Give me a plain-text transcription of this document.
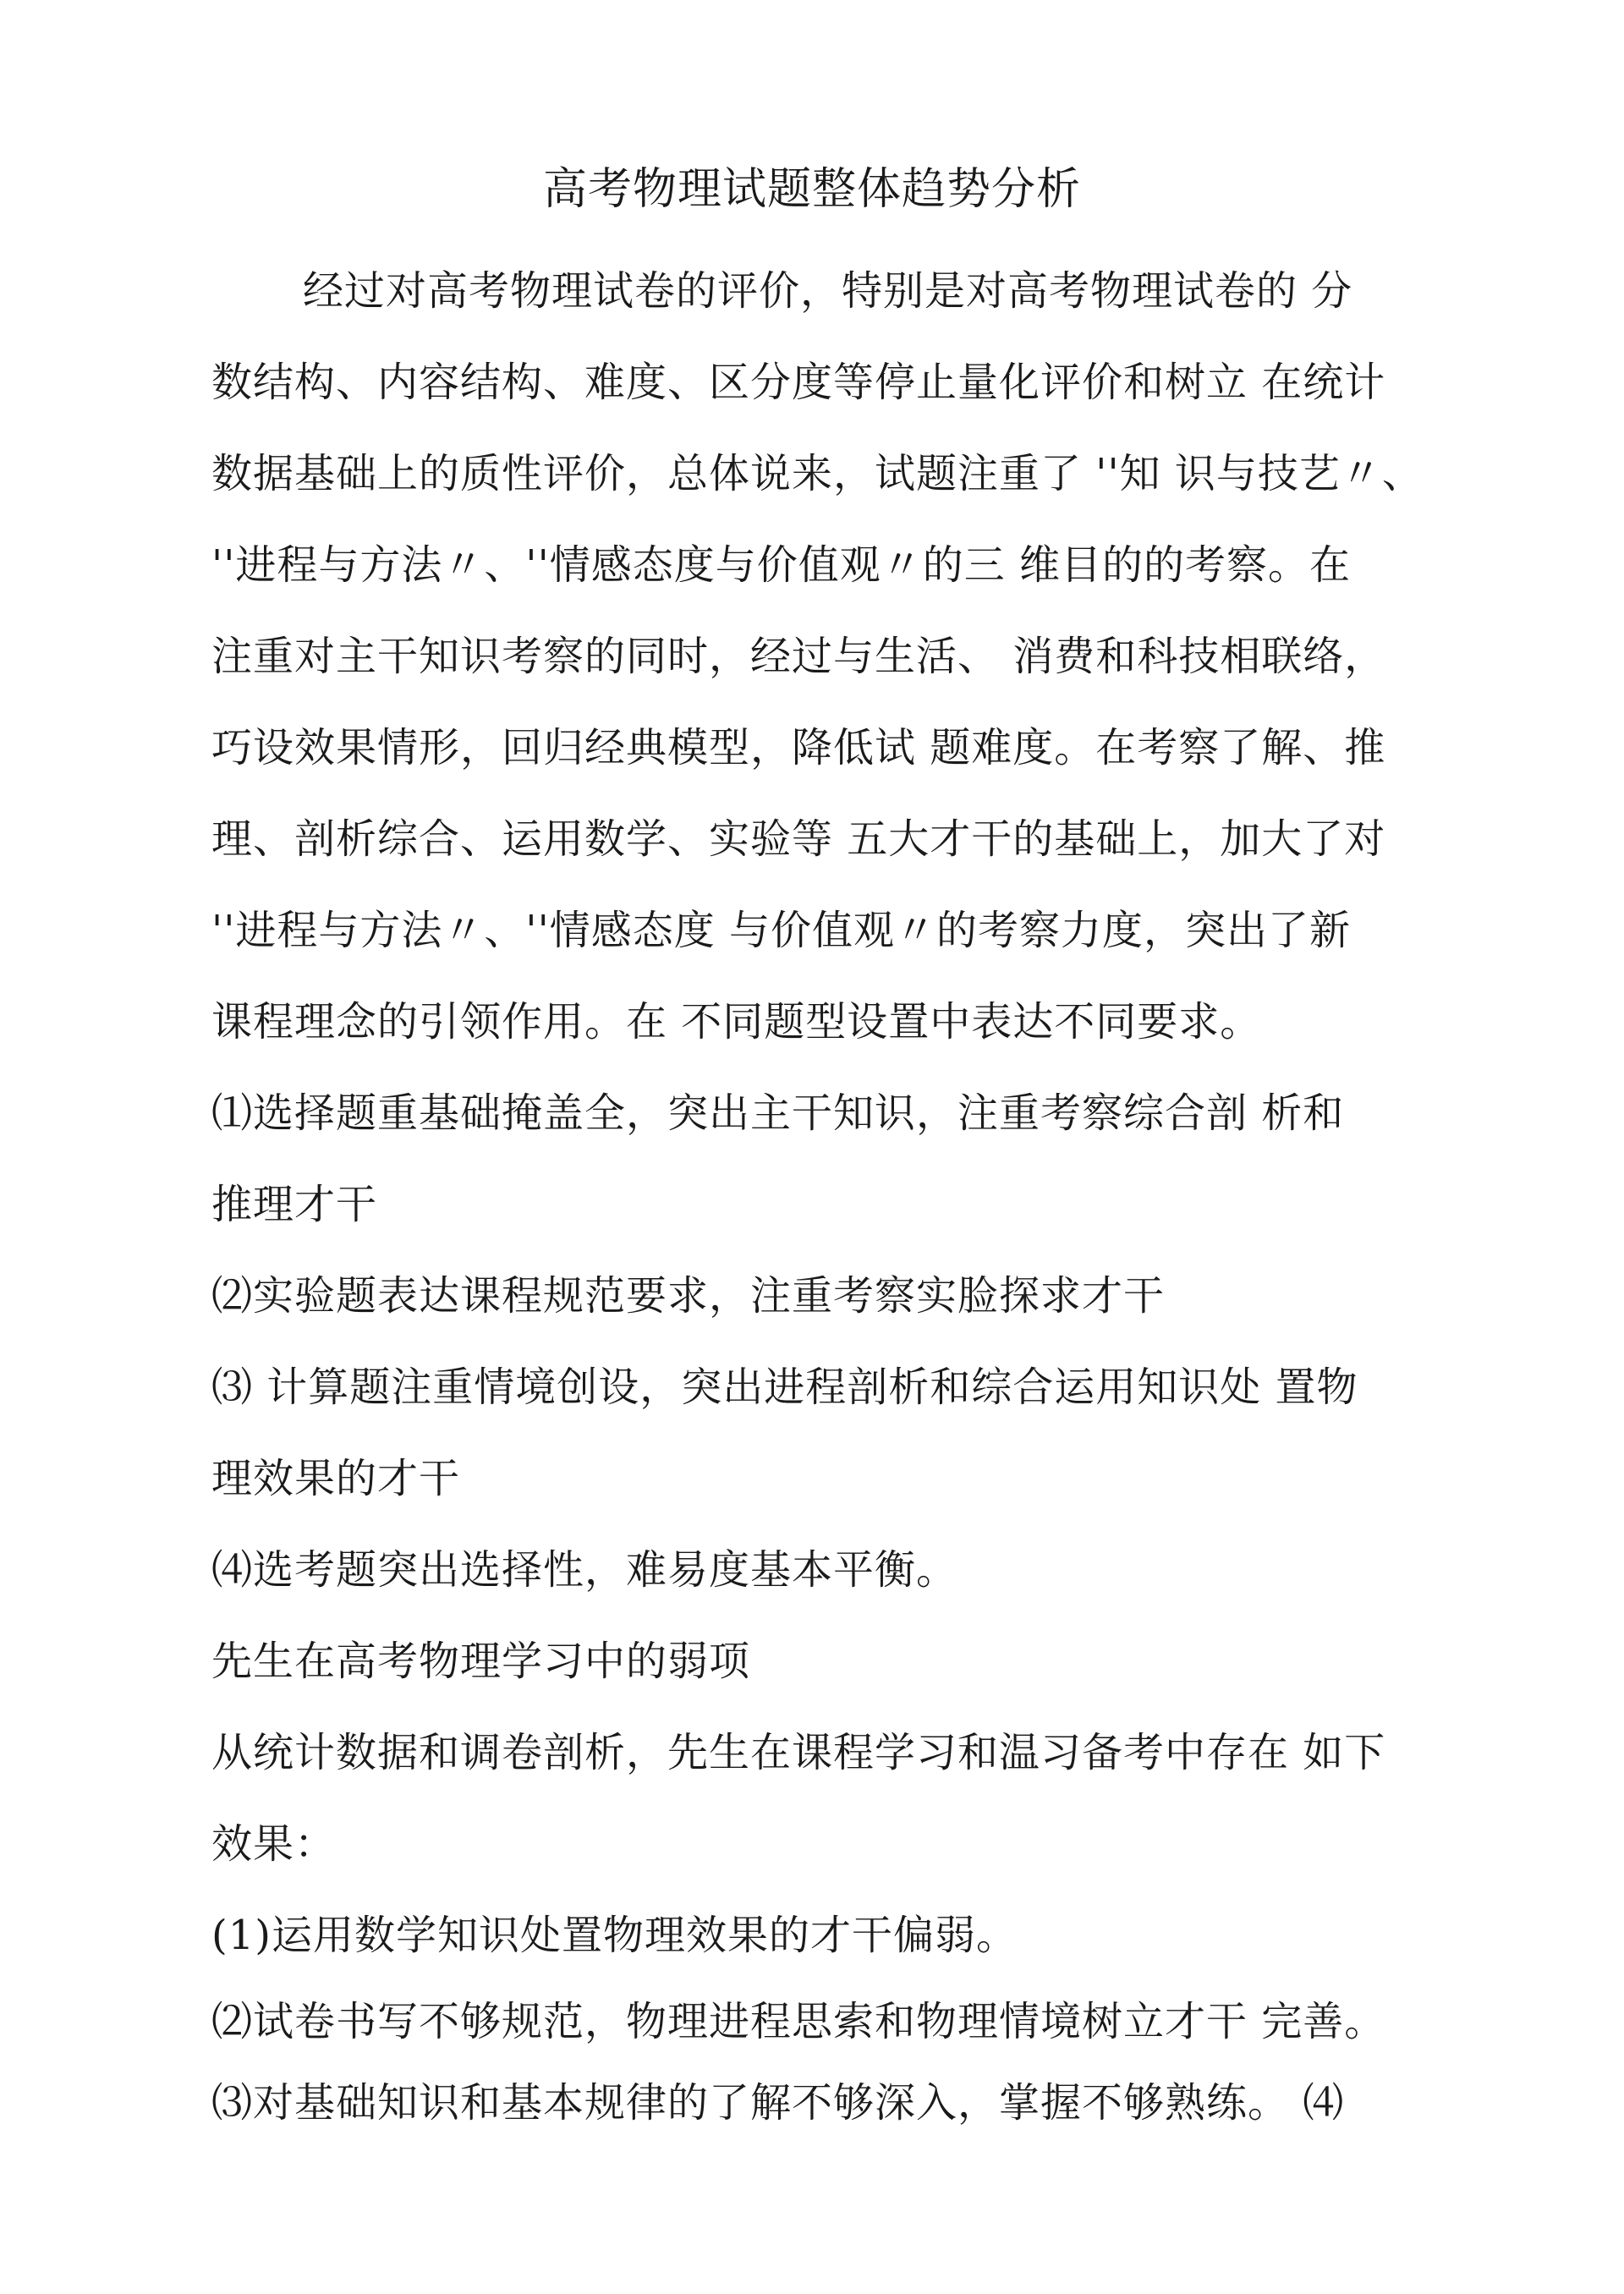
高考物理试题整体趋势分析
经过对高考物理试卷的评价，特别是对高考物理试卷的 分
数结构、内容结构、难度、区分度等停止量化评价和树立 在统计
数据基础上的质性评价，总体说来，试题注重了 ''知 识与技艺〃、
''进程与方法〃、''情感态度与价值观〃的三 维目的的考察。在
注重对主干知识考察的同时，经过与生活、 消费和科技相联络，
巧设效果情形，回归经典模型，降低试 题难度。在考察了解、推
理、剖析综合、运用数学、实验等 五大才干的基础上，加大了对
''进程与方法〃、''情感态度 与价值观〃的考察力度，突出了新
课程理念的引领作用。在 不同题型设置中表达不同要求。
⑴选择题重基础掩盖全，突出主干知识，注重考察综合剖 析和
推理才干
⑵实验题表达课程规范要求，注重考察实脸探求才干
⑶ 计算题注重情境创设，突出进程剖析和综合运用知识处 置物
理效果的才干
⑷选考题突出选择性，难易度基本平衡。
先生在高考物理学习中的弱项
从统计数据和调卷剖析，先生在课程学习和温习备考中存在 如下
效果：
(1)运用数学知识处置物理效果的才干偏弱。
⑵试卷书写不够规范，物理进程思索和物理情境树立才干 完善。
⑶对基础知识和基本规律的了解不够深入，掌握不够熟练。 ⑷
